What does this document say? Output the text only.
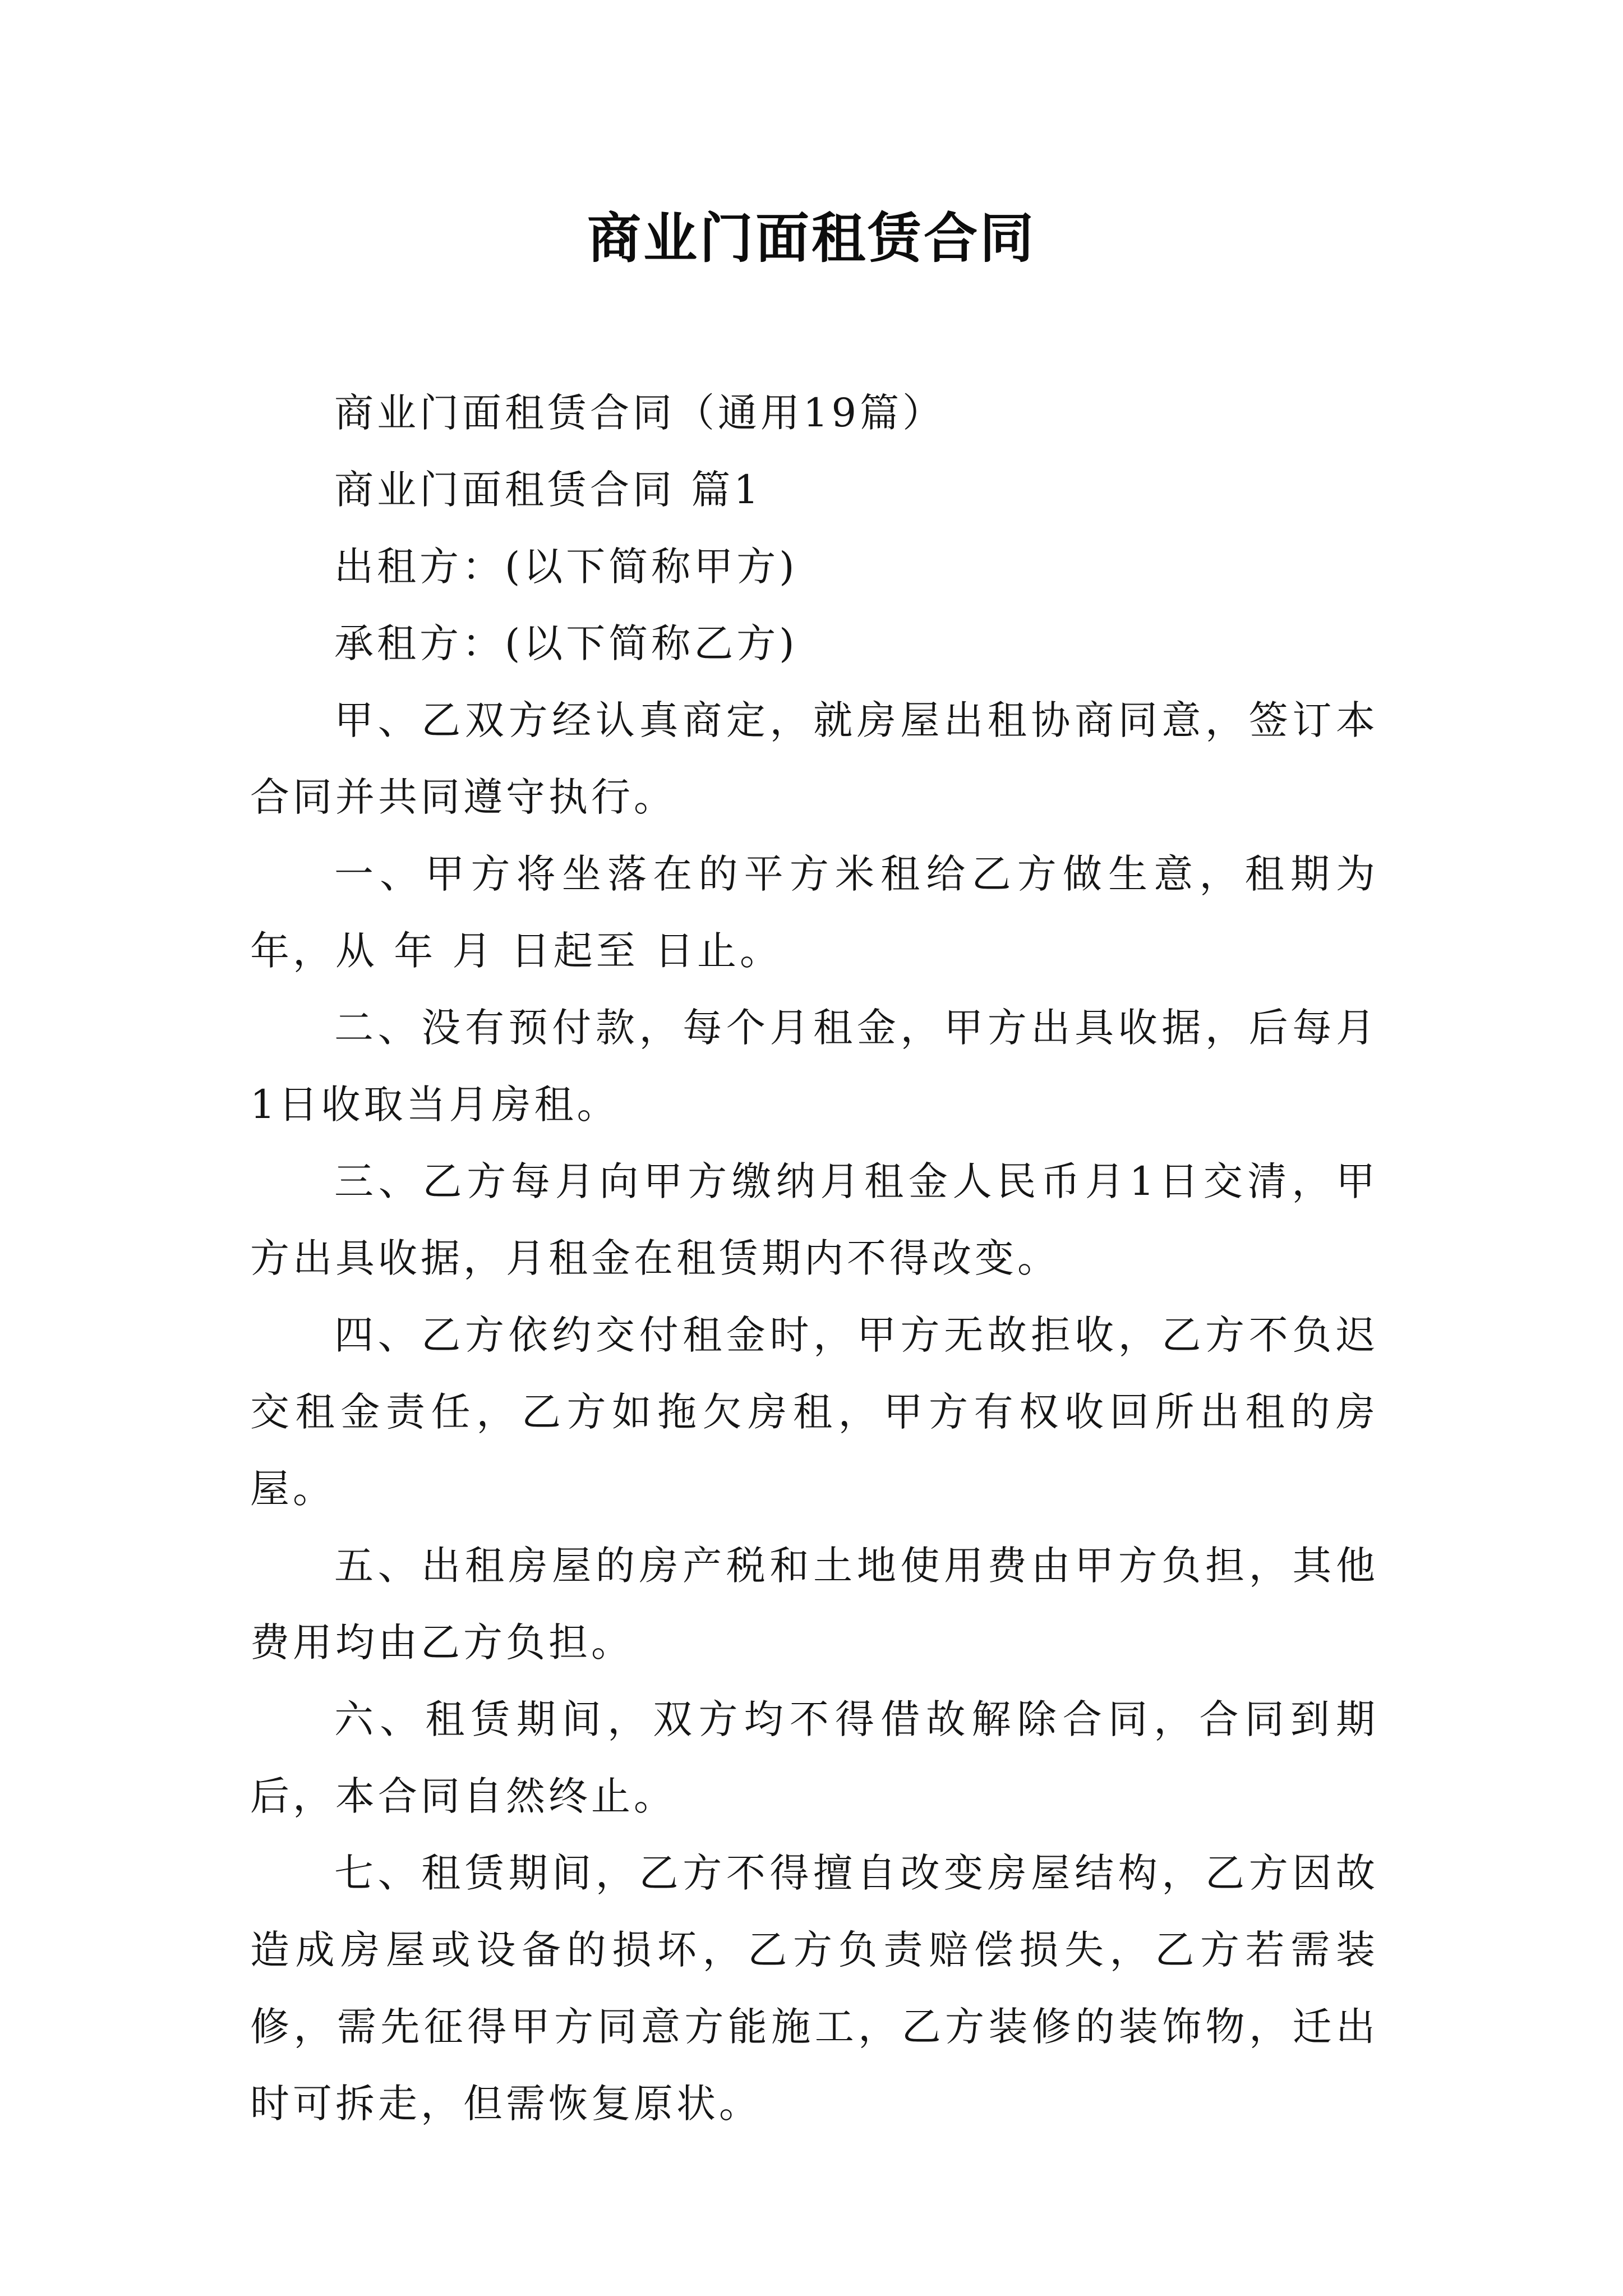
商业门面租赁合同

商业门面租赁合同（通用19篇）

商业门面租赁合同 篇1

出租方：(以下简称甲方)

承租方：(以下简称乙方)

甲、乙双方经认真商定，就房屋出租协商同意，签订本合同并共同遵守执行。

一、甲方将坐落在的平方米租给乙方做生意，租期为年，从 年 月 日起至 日止。

二、没有预付款，每个月租金，甲方出具收据，后每月1日收取当月房租。

三、乙方每月向甲方缴纳月租金人民币月1日交清，甲方出具收据，月租金在租赁期内不得改变。

四、乙方依约交付租金时，甲方无故拒收，乙方不负迟交租金责任，乙方如拖欠房租，甲方有权收回所出租的房屋。

五、出租房屋的房产税和土地使用费由甲方负担，其他费用均由乙方负担。

六、租赁期间，双方均不得借故解除合同，合同到期后，本合同自然终止。

七、租赁期间，乙方不得擅自改变房屋结构，乙方因故造成房屋或设备的损坏，乙方负责赔偿损失，乙方若需装修，需先征得甲方同意方能施工，乙方装修的装饰物，迁出时可拆走，但需恢复原状。
